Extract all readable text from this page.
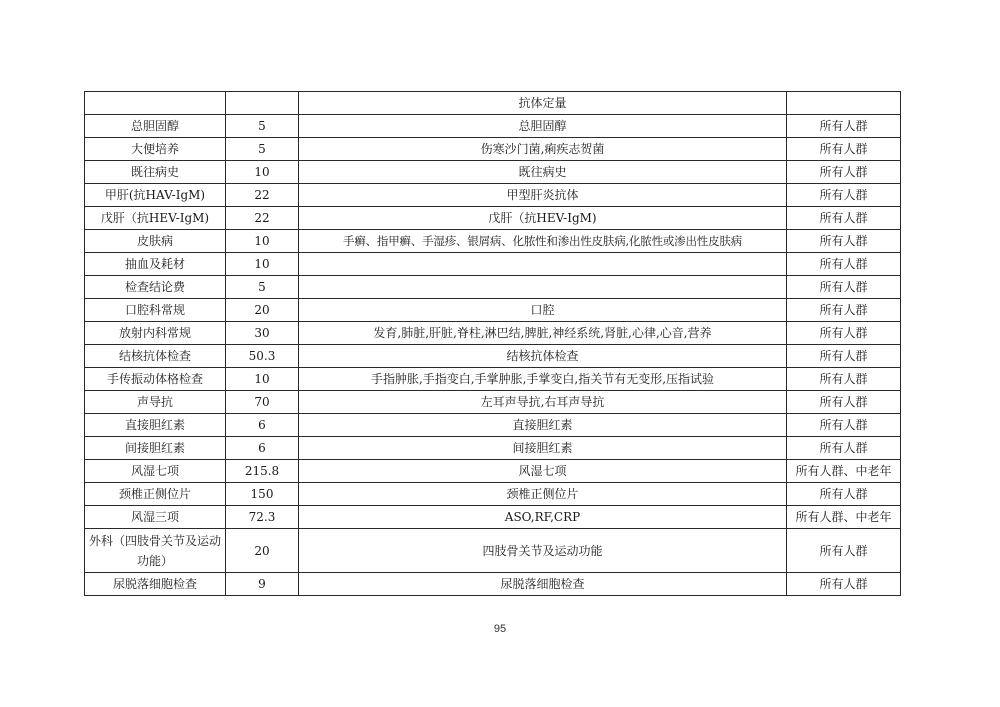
		抗体定量	
总胆固醇	5	总胆固醇	所有人群
大便培养	5	伤寒沙门菌,痢疾志贺菌	所有人群
既往病史	10	既往病史	所有人群
甲肝(抗HAV-IgM)	22	甲型肝炎抗体	所有人群
戊肝（抗HEV-IgM)	22	戊肝（抗HEV-IgM)	所有人群
皮肤病	10	手癣、指甲癣、手湿疹、银屑病、化脓性和渗出性皮肤病,化脓性或渗出性皮肤病	所有人群
抽血及耗材	10		所有人群
检查结论费	5		所有人群
口腔科常规	20	口腔	所有人群
放射内科常规	30	发育,肺脏,肝脏,脊柱,淋巴结,脾脏,神经系统,肾脏,心律,心音,营养	所有人群
结核抗体检查	50.3	结核抗体检查	所有人群
手传振动体格检查	10	手指肿胀,手指变白,手掌肿胀,手掌变白,指关节有无变形,压指试验	所有人群
声导抗	70	左耳声导抗,右耳声导抗	所有人群
直接胆红素	6	直接胆红素	所有人群
间接胆红素	6	间接胆红素	所有人群
风湿七项	215.8	风湿七项	所有人群、中老年
颈椎正侧位片	150	颈椎正侧位片	所有人群
风湿三项	72.3	ASO,RF,CRP	所有人群、中老年
外科（四肢骨关节及运动功能）	20	四肢骨关节及运动功能	所有人群
尿脱落细胞检查	9	尿脱落细胞检查	所有人群
95
